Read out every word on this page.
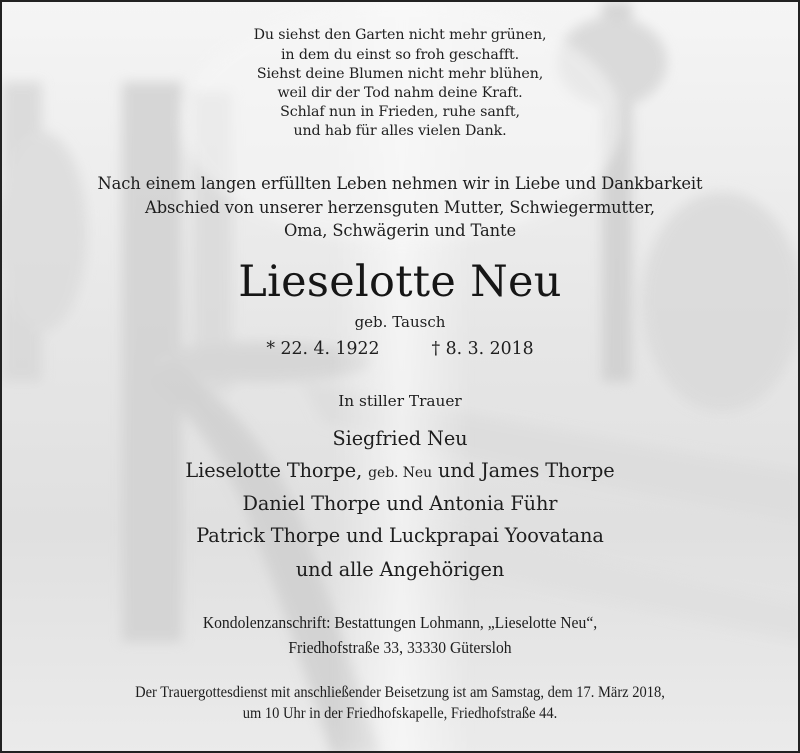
Du siehst den Garten nicht mehr grünen,
in dem du einst so froh geschafft.
Siehst deine Blumen nicht mehr blühen,
weil dir der Tod nahm deine Kraft.
Schlaf nun in Frieden, ruhe sanft,
und hab für alles vielen Dank.
Nach einem langen erfüllten Leben nehmen wir in Liebe und Dankbarkeit
Abschied von unserer herzensguten Mutter, Schwiegermutter,
Oma, Schwägerin und Tante
Lieselotte Neu
geb. Tausch
* 22. 4. 1922	† 8. 3. 2018
In stiller Trauer
Siegfried Neu
Lieselotte Thorpe, geb. Neu und James Thorpe
Daniel Thorpe und Antonia Führ
Patrick Thorpe und Luckprapai Yoovatana
und alle Angehörigen
Kondolenzanschrift: Bestattungen Lohmann, „Lieselotte Neu“,
Friedhofstraße 33, 33330 Gütersloh
Der Trauergottesdienst mit anschließender Beisetzung ist am Samstag, dem 17. März 2018,
um 10 Uhr in der Friedhofskapelle, Friedhofstraße 44.
